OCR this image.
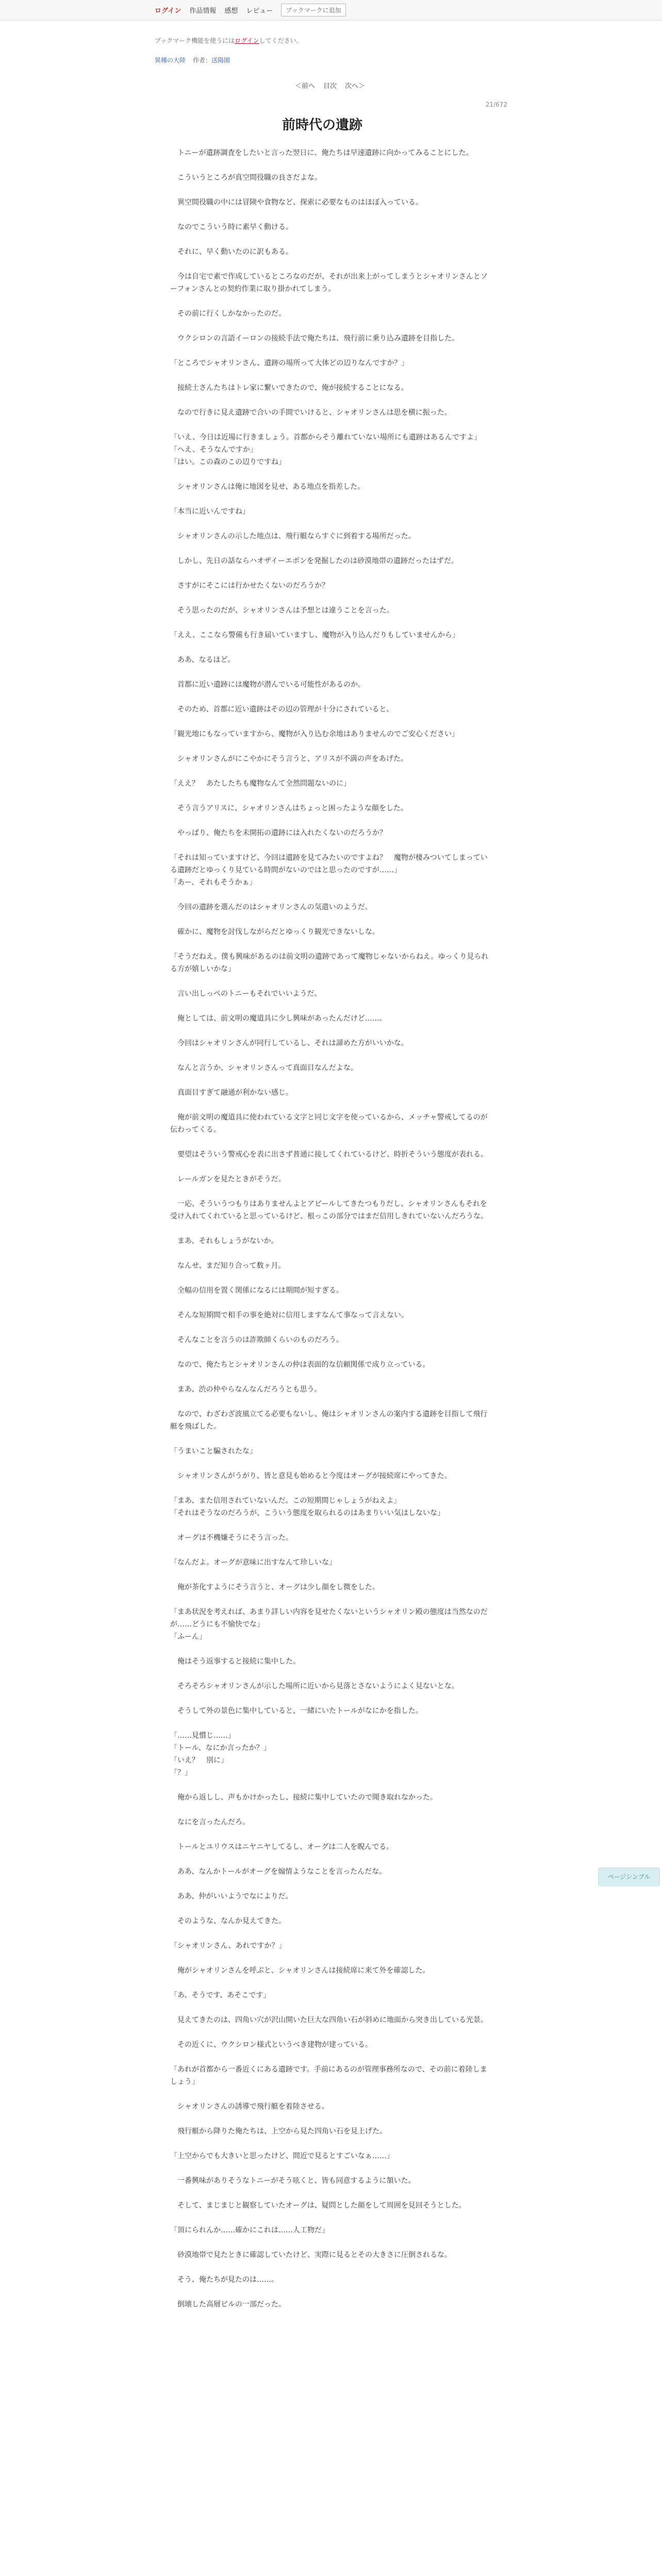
ログイン 作品情報 感想 レビュー	ブックマークに追加
ブックマーク機能を使うにはログインしてください。
異種の大陸 作者：送陽園
＜前へ 目次 次へ＞
21/672
前時代の遺跡

　トニーが遺跡調査をしたいと言った翌日に、俺たちは早速遺跡に向かってみることにした。

　こういうところが真空間役職の良さだよな。

　異空間役職の中には冒険や食物など、探索に必要なものはほぼ入っている。

　なのでこういう時に素早く動ける。

　それに、早く動いたのに訳もある。

　今は自宅で素で作成しているところなのだが、それが出来上がってしまうとシャオリンさんとソーフォンさんとの契約作業に取り掛かれてしまう。

　その前に行くしかなかったのだ。

　ウクシロンの言語イーロンの接続手法で俺たちは、飛行前に乗り込み遺跡を目指した。

「ところでシャオリンさん、遺跡の場所って大体どの辺りなんですか？」

　接続士さんたちはトレ家に繋いできたので、俺が接続することになる。

　なので行きに見え遺跡で合いの手間でいけると、シャオリンさんは思を横に振った。

「いえ、今日は近場に行きましょう。首都からそう離れていない場所にも遺跡はあるんですよ」
「へえ、そうなんですか」
「はい。この森のこの辺りですね」

　シャオリンさんは俺に地図を見せ、ある地点を指差した。

「本当に近いんですね」

　シャオリンさんの示した地点は、飛行艇ならすぐに到着する場所だった。

　しかし、先日の話ならハオザイーエポンを発掘したのは砂漠地帯の遺跡だったはずだ。

　さすがにそこには行かせたくないのだろうか？

　そう思ったのだが、シャオリンさんは予想とは違うことを言った。

「ええ、ここなら警備も行き届いていますし、魔物が入り込んだりもしていませんから」

　ああ、なるほど。

　首都に近い遺跡には魔物が潜んでいる可能性があるのか。

　そのため、首都に近い遺跡はその辺の管理が十分にされていると。

「観光地にもなっていますから、魔物が入り込む余地はありませんのでご安心ください」

　シャオリンさんがにこやかにそう言うと、アリスが不満の声をあげた。

「ええ？　あたしたちも魔物なんて全然問題ないのに」

　そう言うアリスに、シャオリンさんはちょっと困ったような顔をした。

　やっぱり、俺たちを未開拓の遺跡には入れたくないのだろうか？

「それは知っていますけど、今回は遺跡を見てみたいのですよね？　魔物が棲みついてしまっている遺跡だとゆっくり見ている時間がないのではと思ったのですが……」
「あー、それもそうかぁ」

　今回の遺跡を選んだのはシャオリンさんの気遣いのようだ。

　確かに、魔物を討伐しながらだとゆっくり観光できないしな。

「そうだねえ。僕も興味があるのは前文明の遺跡であって魔物じゃないからねえ。ゆっくり見られる方が嬉しいかな」

　言い出しっぺのトニーもそれでいいようだ。

　俺としては、前文明の魔道具に少し興味があったんだけど……。

　今回はシャオリンさんが同行しているし、それは諦めた方がいいかな。

　なんと言うか、シャオリンさんって真面目なんだよな。

　真面目すぎて融通が利かない感じ。

　俺が前文明の魔道具に使われている文字と同じ文字を使っているから、メッチャ警戒してるのが伝わってくる。

　要望はそういう警戒心を表に出さず普通に接してくれているけど、時折そういう態度が表れる。

　レールガンを見たときがそうだ。

　一応、そういうつもりはありませんよとアピールしてきたつもりだし、シャオリンさんもそれを受け入れてくれていると思っているけど、根っこの部分ではまだ信用しきれていないんだろうな。

　まあ、それもしょうがないか。

　なんせ、まだ知り合って数ヶ月。

　全幅の信用を置く関係になるには期間が短すぎる。

　そんな短期間で相手の事を絶対に信用しますなんて事なって言えない。

　そんなことを言うのは詐欺師くらいのものだろう。

　なので、俺たちとシャオリンさんの仲は表面的な信頼関係で成り立っている。

　まあ、渋の仲やらなんなんだろうとも思う。

　なので、わざわざ波風立てる必要もないし、俺はシャオリンさんの案内する遺跡を目指して飛行艇を飛ばした。

「うまいこと騙されたな」

　シャオリンさんがうがり、皆と意見も始めると今度はオーグが接続席にやってきた。

「まあ、また信用されていないんだ。この短期間じゃしょうがねえよ」
「それはそうなのだろうが、こういう態度を取られるのはあまりいい気はしないな」

　オーグは不機嫌そうにそう言った。

「なんだよ。オーグが意味に出すなんて珍しいな」

　俺が茶化すようにそう言うと、オーグは少し顔をし微をした。

「まあ状況を考えれば、あまり詳しい内容を見せたくないというシャオリン殿の態度は当然なのだが……どうにも不愉快でな」
「ふーん」

　俺はそう返事すると接続に集中した。

　そろそろシャオリンさんが示した場所に近いから見落とさないようによく見ないとな。

　そうして外の景色に集中していると、一緒にいたトールがなにかを指した。

「……見慣じ……」
「トール、なにか言ったか？」
「いえ？　別に」
「？」

　俺から返しし、声もかけかったし、接続に集中していたので聞き取れなかった。

　なにを言ったんだろ。

　トールとユリウスはニヤニヤしてるし、オーグは二人を睨んでる。

　ああ、なんかトールがオーグを煽情ようなことを言ったんだな。

　ああ、仲がいいようでなによりだ。

　そのような、なんか見えてきた。

「シャオリンさん、あれですか？」

　俺がシャオリンさんを呼ぶと、シャオリンさんは接続席に来て外を確認した。

「あ、そうです、あそこです」

　見えてきたのは、四角い穴が沢山開いた巨大な四角い石が斜めに地面から突き出している光景。

　その近くに、ウクシロン様式というべき建物が建っている。

「あれが首都から一番近くにある遺跡です。手前にあるのが管理事務所なので、その前に着陸しましょう」

　シャオリンさんの誘導で飛行艇を着陸させる。

　飛行艇から降りた俺たちは、上空から見た四角い石を見上げた。

「上空からでも大きいと思ったけど、間近で見るとすごいなぁ……」

　一番興味がありそうなトニーがそう呟くと、皆も同意するように頷いた。

　そして、まじまじと観察していたオーグは、疑問とした顔をして周囲を見回そうとした。

「頂にられんか……確かにこれは……人工物だ」

　砂漠地帯で見たときに確認していたけど、実際に見るとその大きさに圧倒されるな。

　そう、俺たちが見たのは……。

　倒壊した高層ビルの一部だった。

ページシンプル
